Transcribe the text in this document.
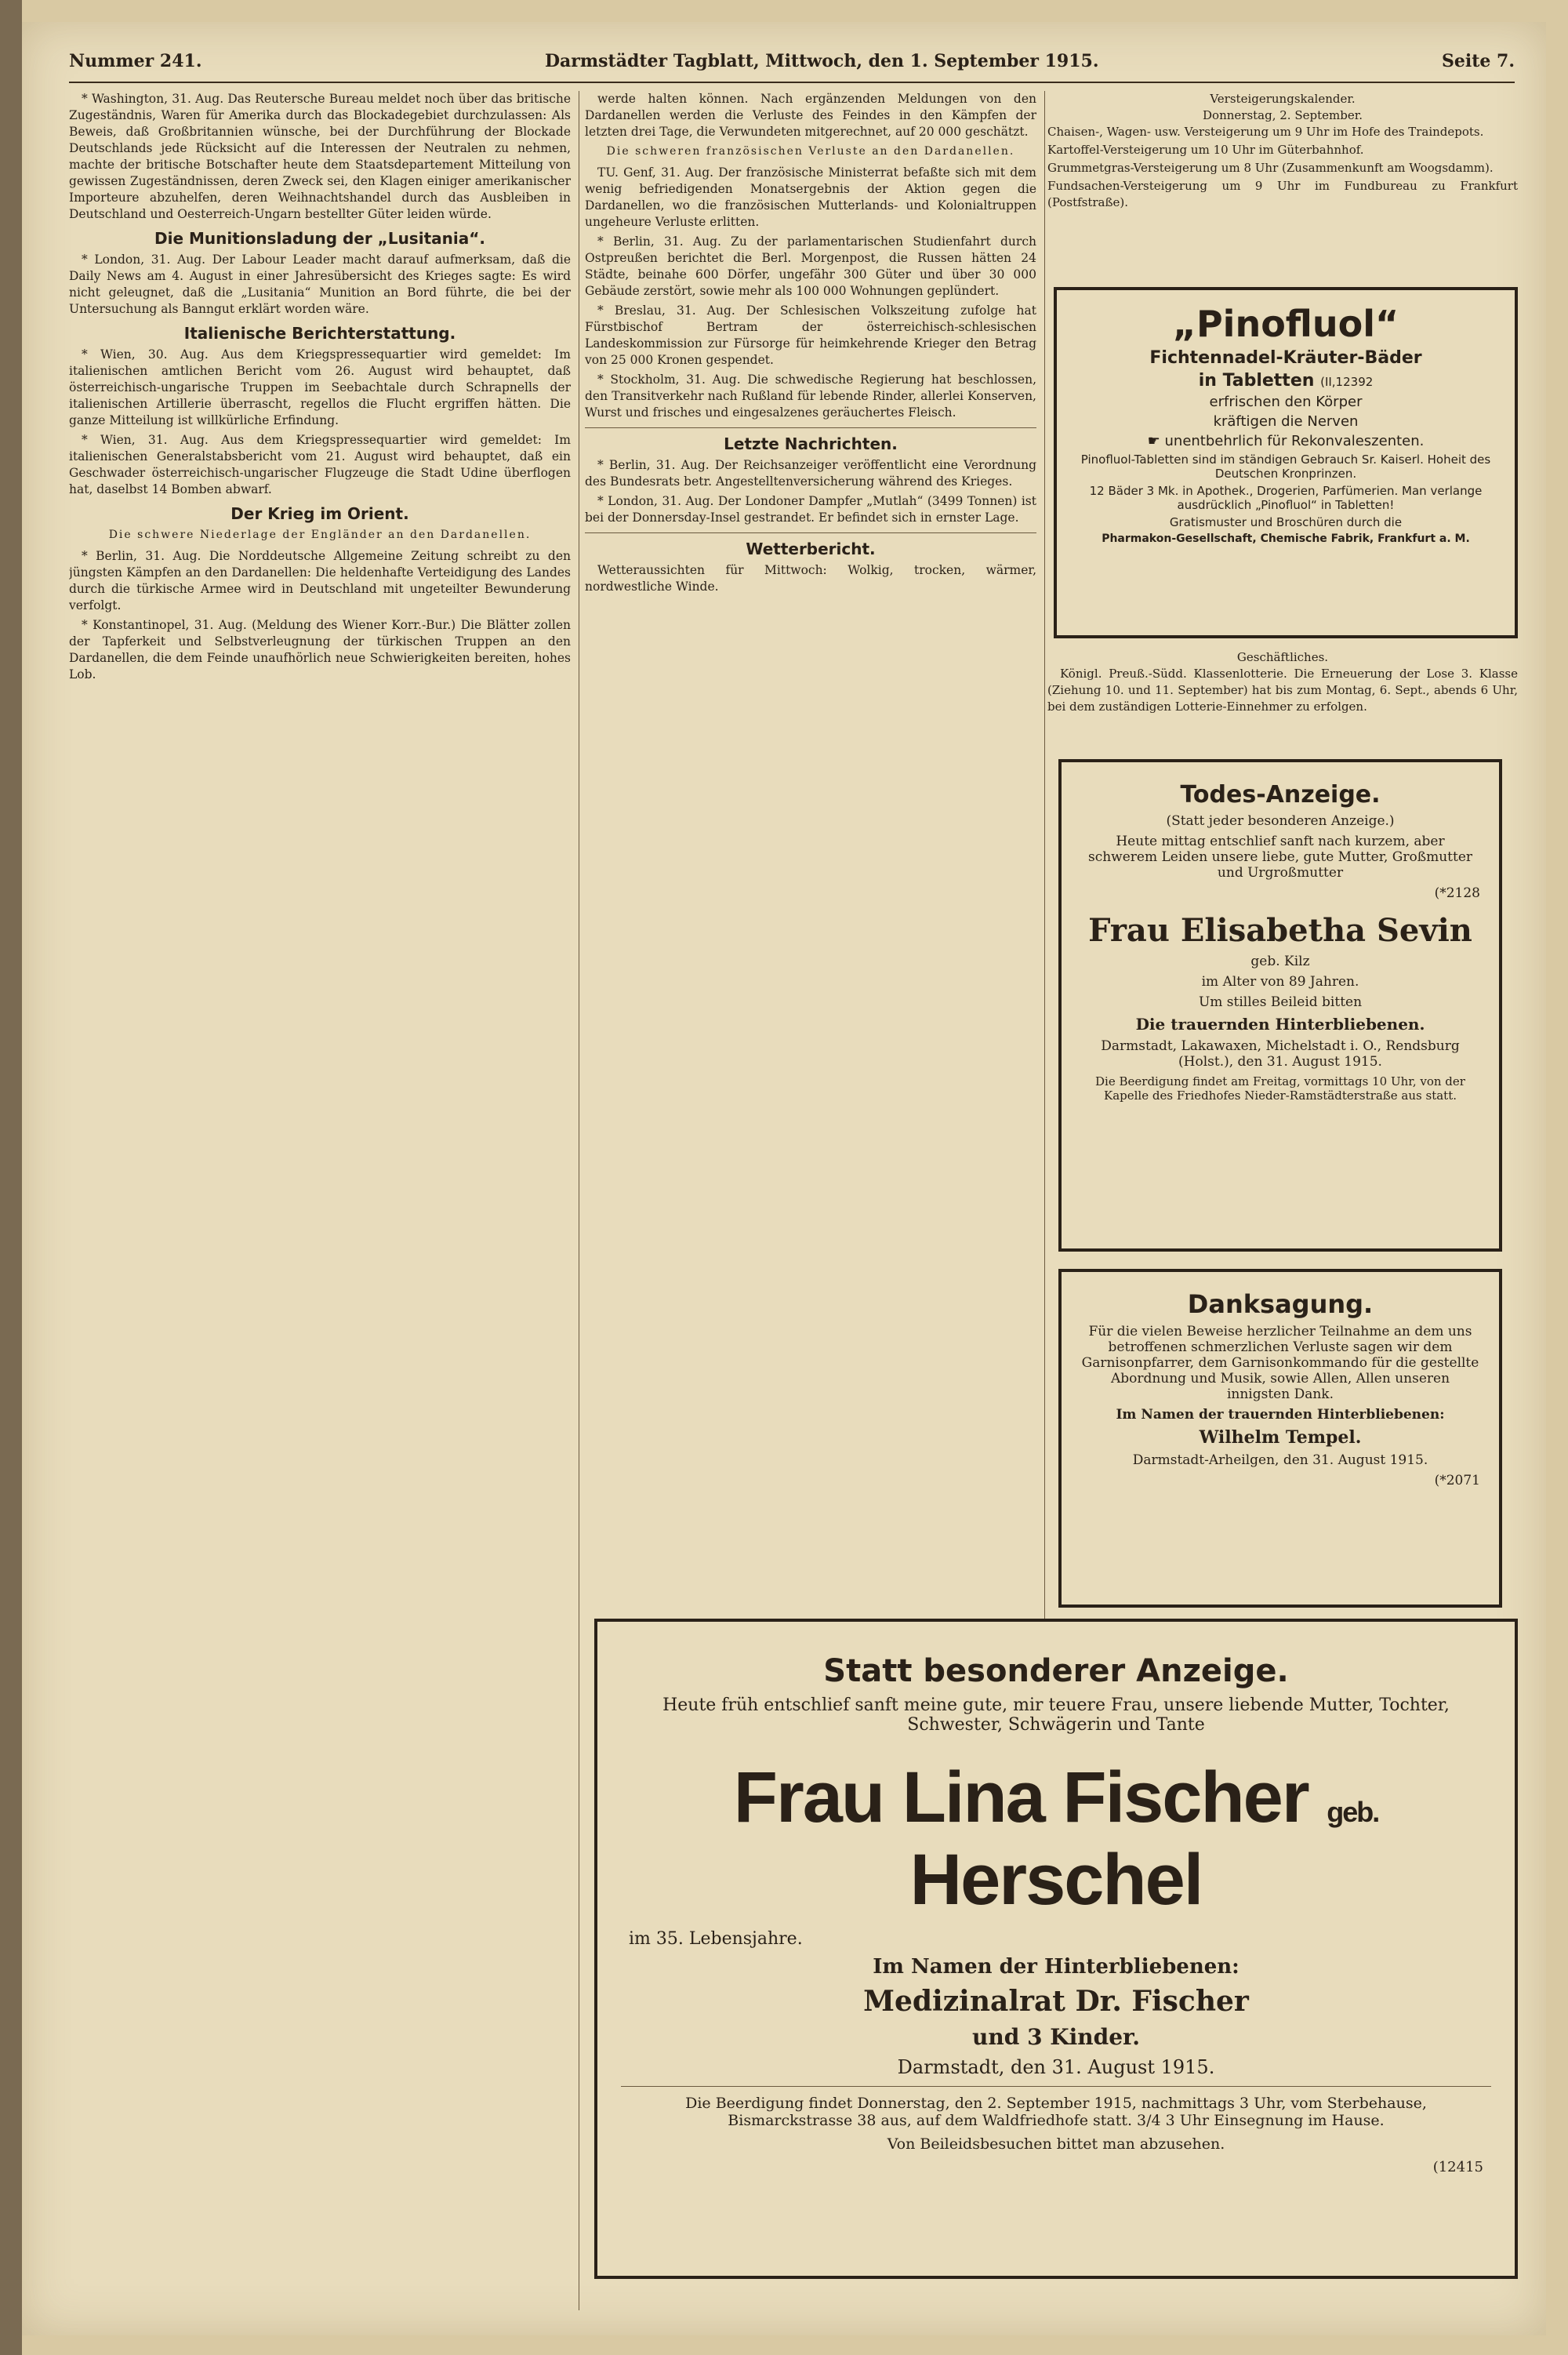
Nummer 241.	Darmstädter Tagblatt, Mittwoch, den 1. September 1915.	Seite 7.

* Washington, 31. Aug. Das Reutersche Bureau meldet noch über das britische Zugeständnis, Waren für Amerika durch das Blockadegebiet durchzulassen: Als Beweis, daß Großbritannien wünsche, bei der Durchführung der Blockade Deutschlands jede Rücksicht auf die Interessen der Neutralen zu nehmen, machte der britische Botschafter heute dem Staatsdepartement Mitteilung von gewissen Zugeständnissen, deren Zweck sei, den Klagen einiger amerikanischer Importeure abzuhelfen, deren Weihnachtshandel durch das Ausbleiben in Deutschland und Oesterreich-Ungarn bestellter Güter leiden würde.

Die Munitionsladung der „Lusitania“.

* London, 31. Aug. Der Labour Leader macht darauf aufmerksam, daß die Daily News am 4. August in einer Jahresübersicht des Krieges sagte: Es wird nicht geleugnet, daß die „Lusitania“ Munition an Bord führte, die bei der Untersuchung als Banngut erklärt worden wäre.

Italienische Berichterstattung.

* Wien, 30. Aug. Aus dem Kriegspressequartier wird gemeldet: Im italienischen amtlichen Bericht vom 26. August wird behauptet, daß österreichisch-ungarische Truppen im Seebachtale durch Schrapnells der italienischen Artillerie überrascht, regellos die Flucht ergriffen hätten. Die ganze Mitteilung ist willkürliche Erfindung.

* Wien, 31. Aug. Aus dem Kriegspressequartier wird gemeldet: Im italienischen Generalstabsbericht vom 21. August wird behauptet, daß ein Geschwader österreichisch-ungarischer Flugzeuge die Stadt Udine überflogen hat, daselbst 14 Bomben abwarf.

Der Krieg im Orient.
Die schwere Niederlage der Engländer an den Dardanellen.

* Berlin, 31. Aug. Die Norddeutsche Allgemeine Zeitung schreibt zu den jüngsten Kämpfen an den Dardanellen: Die heldenhafte Verteidigung des Landes durch die türkische Armee wird in Deutschland mit ungeteilter Bewunderung verfolgt.

* Konstantinopel, 31. Aug. (Meldung des Wiener Korr.-Bur.) Die Blätter zollen der Tapferkeit und Selbstverleugnung der türkischen Truppen an den Dardanellen, die dem Feinde unaufhörlich neue Schwierigkeiten bereiten, hohes Lob.

werde halten können. Nach ergänzenden Meldungen von den Dardanellen werden die Verluste des Feindes in den Kämpfen der letzten drei Tage, die Verwundeten mitgerechnet, auf 20 000 geschätzt.

Die schweren französischen Verluste an den Dardanellen.

TU. Genf, 31. Aug. Der französische Ministerrat befaßte sich mit dem wenig befriedigenden Monatsergebnis der Aktion gegen die Dardanellen, wo die französischen Mutterlands- und Kolonialtruppen ungeheure Verluste erlitten.

* Berlin, 31. Aug. Zu der parlamentarischen Studienfahrt durch Ostpreußen berichtet die Berl. Morgenpost, die Russen hätten 24 Städte, beinahe 600 Dörfer, ungefähr 300 Güter und über 30 000 Gebäude zerstört, sowie mehr als 100 000 Wohnungen geplündert.

* Breslau, 31. Aug. Der Schlesischen Volkszeitung zufolge hat Fürstbischof Bertram der österreichisch-schlesischen Landeskommission zur Fürsorge für heimkehrende Krieger den Betrag von 25 000 Kronen gespendet.

* Stockholm, 31. Aug. Die schwedische Regierung hat beschlossen, den Transitverkehr nach Rußland für lebende Rinder, allerlei Konserven, Wurst und frisches und eingesalzenes geräuchertes Fleisch.

Letzte Nachrichten.

* Berlin, 31. Aug. Der Reichsanzeiger veröffentlicht eine Verordnung des Bundesrats betr. Angestelltenversicherung während des Krieges.

* London, 31. Aug. Der Londoner Dampfer „Mutlah“ (3499 Tonnen) ist bei der Donnersday-Insel gestrandet. Er befindet sich in ernster Lage.

Wetterbericht.

Wetteraussichten für Mittwoch: Wolkig, trocken, wärmer, nordwestliche Winde.

Versteigerungskalender.
Donnerstag, 2. September.

Chaisen-, Wagen- usw. Versteigerung um 9 Uhr im Hofe des Traindepots.

Kartoffel-Versteigerung um 10 Uhr im Güterbahnhof.

Grummetgras-Versteigerung um 8 Uhr (Zusammenkunft am Woogsdamm).

Fundsachen-Versteigerung um 9 Uhr im Fundbureau zu Frankfurt (Postfstraße).

„Pinofluol“
Fichtennadel-Kräuter-Bäder
in Tabletten (II,12392
erfrischen den Körper
kräftigen die Nerven
☛ unentbehrlich für Rekonvaleszenten.
Pinofluol-Tabletten sind im ständigen Gebrauch Sr. Kaiserl. Hoheit des Deutschen Kronprinzen.
12 Bäder 3 Mk. in Apothek., Drogerien, Parfümerien. Man verlange ausdrücklich „Pinofluol“ in Tabletten!
Gratismuster und Broschüren durch die
Pharmakon-Gesellschaft, Chemische Fabrik, Frankfurt a. M.
Geschäftliches.

Königl. Preuß.-Südd. Klassenlotterie. Die Erneuerung der Lose 3. Klasse (Ziehung 10. und 11. September) hat bis zum Montag, 6. Sept., abends 6 Uhr, bei dem zuständigen Lotterie-Einnehmer zu erfolgen.

Todes-Anzeige.

(Statt jeder besonderen Anzeige.)

Heute mittag entschlief sanft nach kurzem, aber schwerem Leiden unsere liebe, gute Mutter, Großmutter und Urgroßmutter

(*2128

Frau Elisabetha Sevin

geb. Kilz

im Alter von 89 Jahren.

Um stilles Beileid bitten

Die trauernden Hinterbliebenen.

Darmstadt, Lakawaxen, Michelstadt i. O., Rendsburg (Holst.), den 31. August 1915.

Die Beerdigung findet am Freitag, vormittags 10 Uhr, von der Kapelle des Friedhofes Nieder-Ramstädterstraße aus statt.

Danksagung.

Für die vielen Beweise herzlicher Teilnahme an dem uns betroffenen schmerzlichen Verluste sagen wir dem Garnisonpfarrer, dem Garnisonkommando für die gestellte Abordnung und Musik, sowie Allen, Allen unseren innigsten Dank.

Im Namen der trauernden Hinterbliebenen:

Wilhelm Tempel.

Darmstadt-Arheilgen, den 31. August 1915.

(*2071

Statt besonderer Anzeige.

Heute früh entschlief sanft meine gute, mir teuere Frau, unsere liebende Mutter, Tochter, Schwester, Schwägerin und Tante

Frau Lina Fischer geb. Herschel

im 35. Lebensjahre.

Im Namen der Hinterbliebenen:

Medizinalrat Dr. Fischer

und 3 Kinder.

Darmstadt, den 31. August 1915.

Die Beerdigung findet Donnerstag, den 2. September 1915, nachmittags 3 Uhr, vom Sterbehause, Bismarckstrasse 38 aus, auf dem Waldfriedhofe statt. 3/4 3 Uhr Einsegnung im Hause.

Von Beileidsbesuchen bittet man abzusehen.

(12415
